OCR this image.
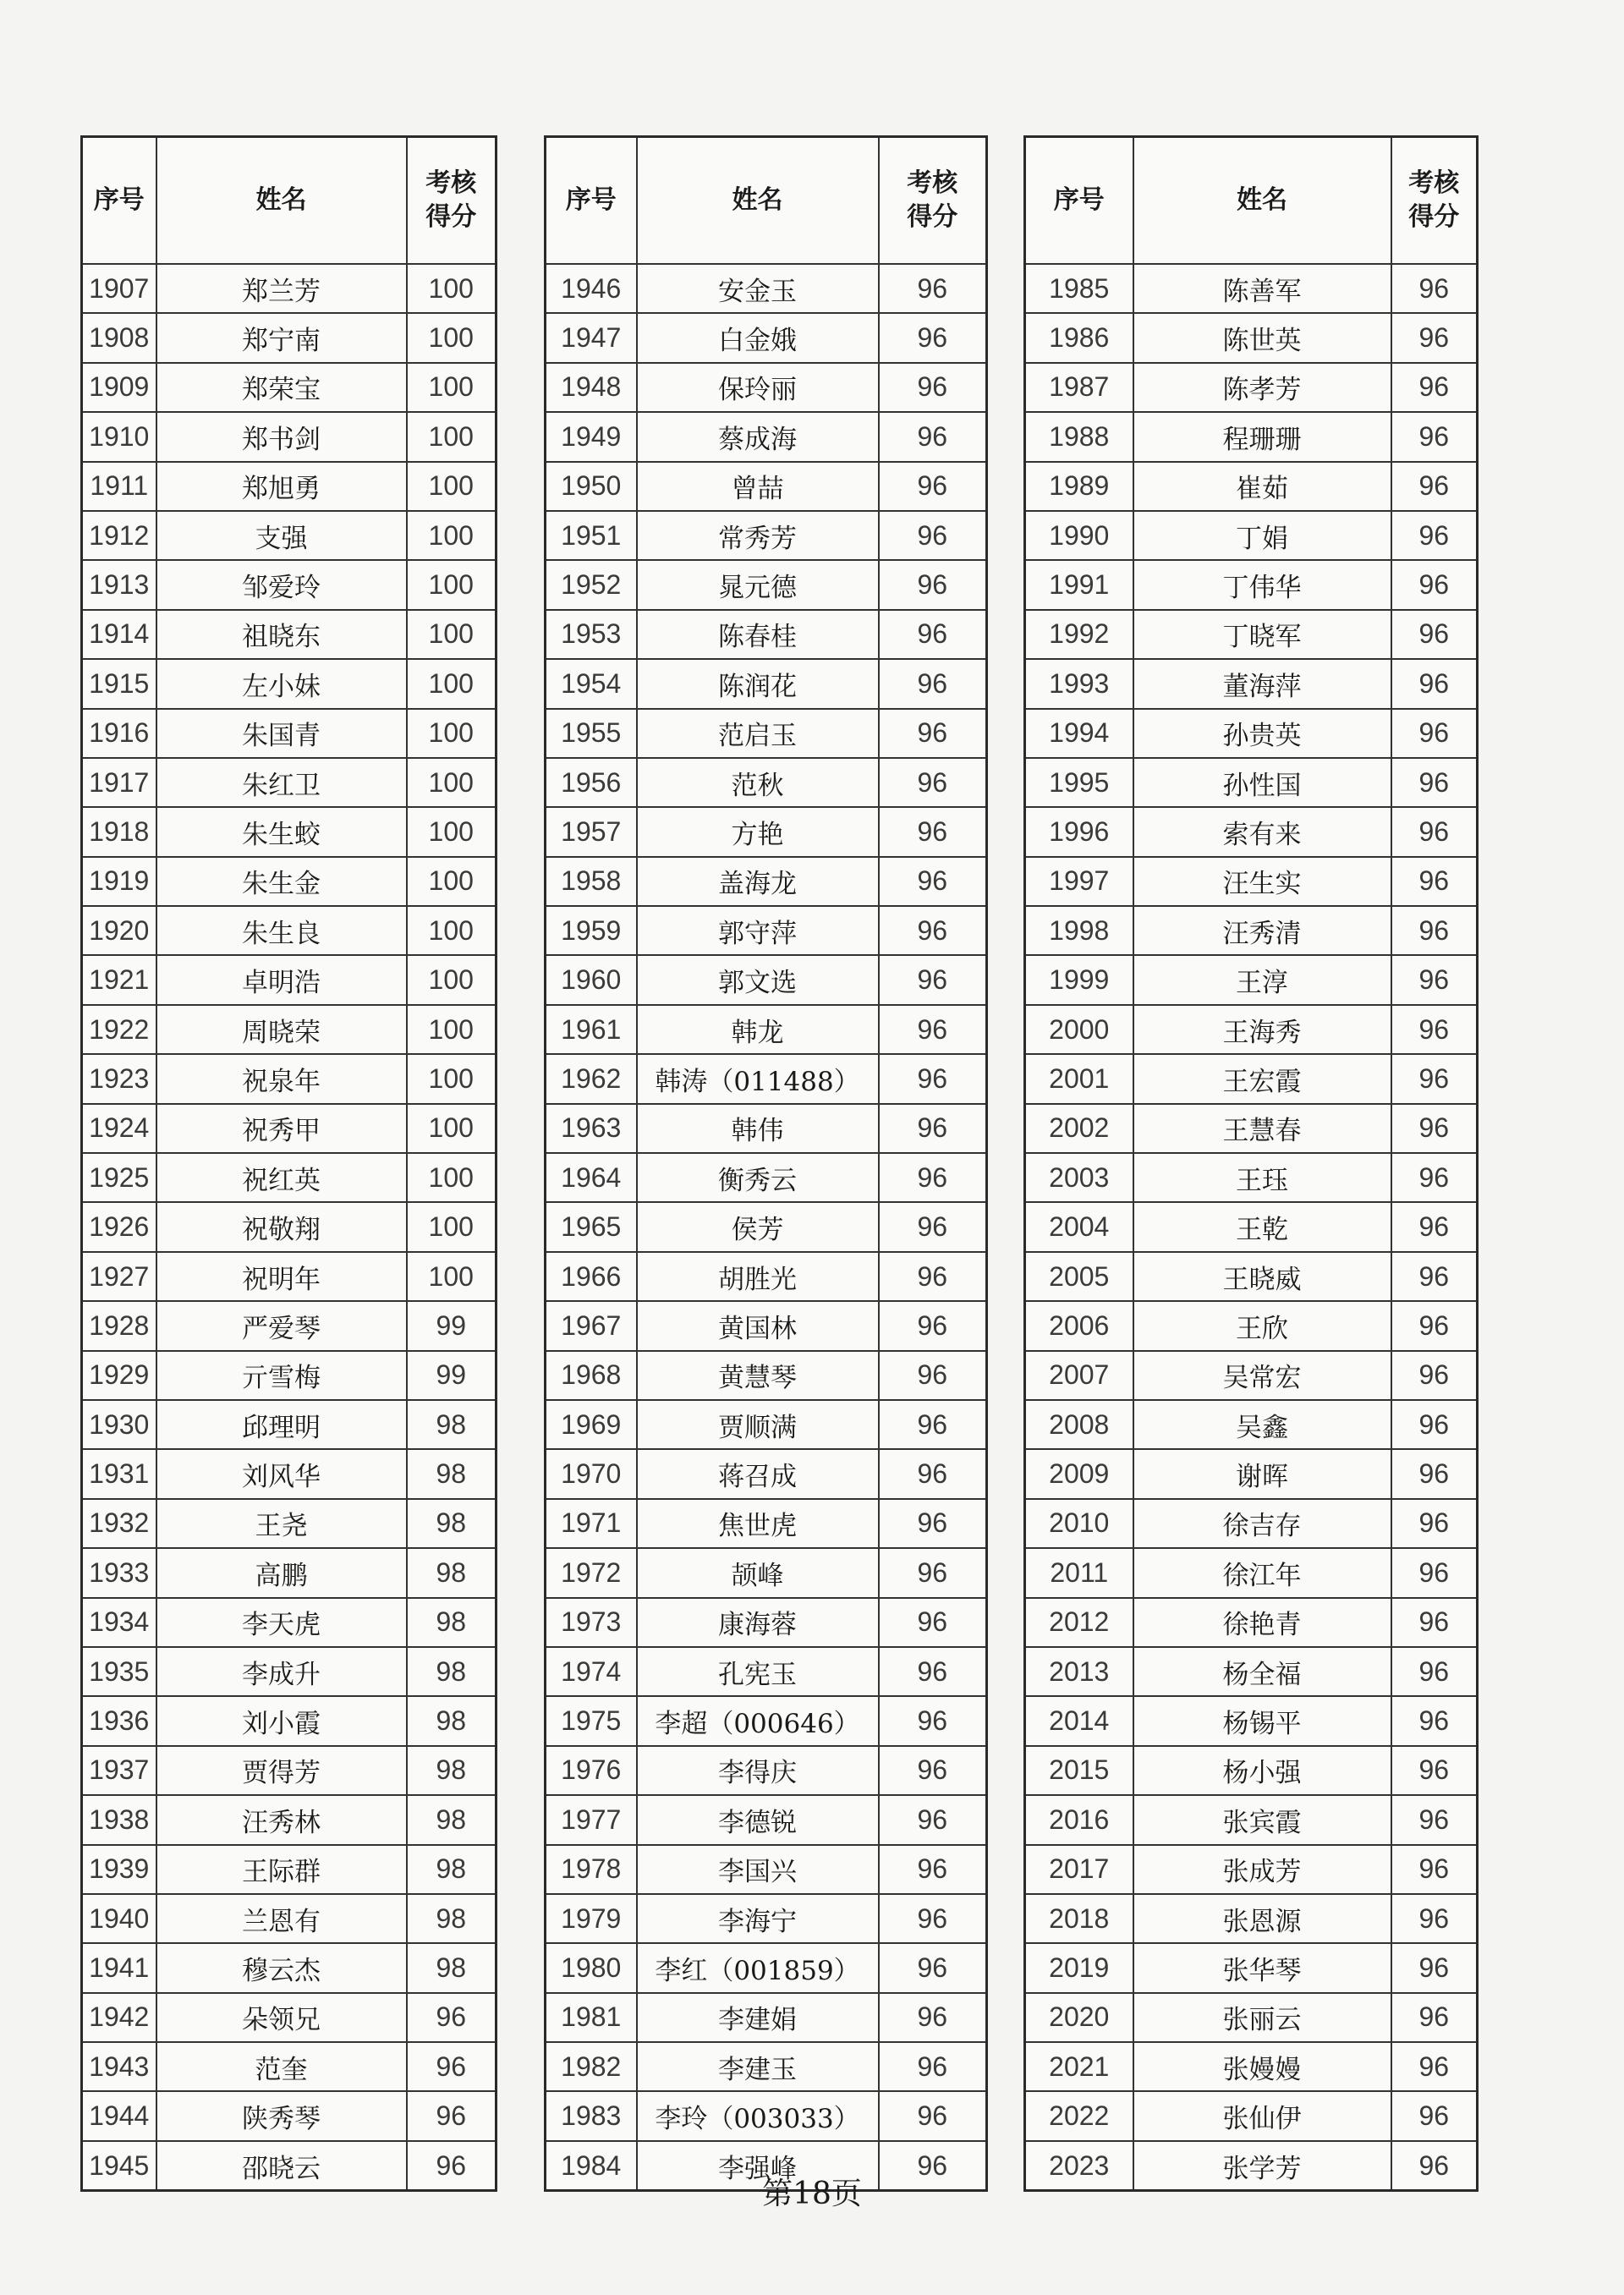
序号	姓名	考核
得分
1907	郑兰芳	100
1908	郑宁南	100
1909	郑荣宝	100
1910	郑书剑	100
1911	郑旭勇	100
1912	支强	100
1913	邹爱玲	100
1914	祖晓东	100
1915	左小妹	100
1916	朱国青	100
1917	朱红卫	100
1918	朱生蛟	100
1919	朱生金	100
1920	朱生良	100
1921	卓明浩	100
1922	周晓荣	100
1923	祝泉年	100
1924	祝秀甲	100
1925	祝红英	100
1926	祝敬翔	100
1927	祝明年	100
1928	严爱琴	99
1929	亓雪梅	99
1930	邱理明	98
1931	刘风华	98
1932	王尧	98
1933	高鹏	98
1934	李天虎	98
1935	李成升	98
1936	刘小霞	98
1937	贾得芳	98
1938	汪秀林	98
1939	王际群	98
1940	兰恩有	98
1941	穆云杰	98
1942	朵领兄	96
1943	范奎	96
1944	陕秀琴	96
1945	邵晓云	96
序号	姓名	考核
得分
1946	安金玉	96
1947	白金娥	96
1948	保玲丽	96
1949	蔡成海	96
1950	曾喆	96
1951	常秀芳	96
1952	晁元德	96
1953	陈春桂	96
1954	陈润花	96
1955	范启玉	96
1956	范秋	96
1957	方艳	96
1958	盖海龙	96
1959	郭守萍	96
1960	郭文选	96
1961	韩龙	96
1962	韩涛（011488）	96
1963	韩伟	96
1964	衡秀云	96
1965	侯芳	96
1966	胡胜光	96
1967	黄国林	96
1968	黄慧琴	96
1969	贾顺满	96
1970	蒋召成	96
1971	焦世虎	96
1972	颉峰	96
1973	康海蓉	96
1974	孔宪玉	96
1975	李超（000646）	96
1976	李得庆	96
1977	李德锐	96
1978	李国兴	96
1979	李海宁	96
1980	李红（001859）	96
1981	李建娟	96
1982	李建玉	96
1983	李玲（003033）	96
1984	李强峰	96
序号	姓名	考核
得分
1985	陈善军	96
1986	陈世英	96
1987	陈孝芳	96
1988	程珊珊	96
1989	崔茹	96
1990	丁娟	96
1991	丁伟华	96
1992	丁晓军	96
1993	董海萍	96
1994	孙贵英	96
1995	孙性国	96
1996	索有来	96
1997	汪生实	96
1998	汪秀清	96
1999	王淳	96
2000	王海秀	96
2001	王宏霞	96
2002	王慧春	96
2003	王珏	96
2004	王乾	96
2005	王晓威	96
2006	王欣	96
2007	吴常宏	96
2008	吴鑫	96
2009	谢晖	96
2010	徐吉存	96
2011	徐江年	96
2012	徐艳青	96
2013	杨全福	96
2014	杨锡平	96
2015	杨小强	96
2016	张宾霞	96
2017	张成芳	96
2018	张恩源	96
2019	张华琴	96
2020	张丽云	96
2021	张嫚嫚	96
2022	张仙伊	96
2023	张学芳	96
第18页
